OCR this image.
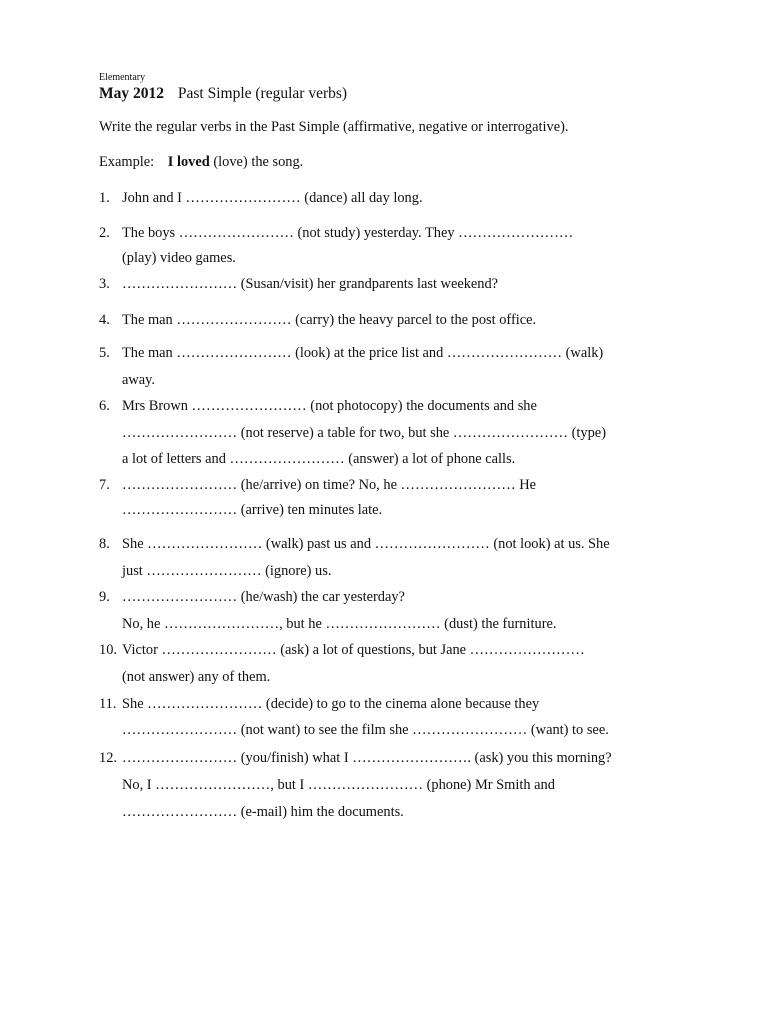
Elementary
May 2012 Past Simple (regular verbs)
Write the regular verbs in the Past Simple (affirmative, negative or interrogative).
Example: I loved (love) the song.
1. John and I …………………… (dance) all day long.
2. The boys …………………… (not study) yesterday. They ……………………
(play) video games.
3. …………………… (Susan/visit) her grandparents last weekend?
4. The man …………………… (carry) the heavy parcel to the post office.
5. The man …………………… (look) at the price list and …………………… (walk)
away.
6. Mrs Brown …………………… (not photocopy) the documents and she
…………………… (not reserve) a table for two, but she …………………… (type)
a lot of letters and …………………… (answer) a lot of phone calls.
7. …………………… (he/arrive) on time? No, he …………………… He
…………………… (arrive) ten minutes late.
8. She …………………… (walk) past us and …………………… (not look) at us. She
just …………………… (ignore) us.
9. …………………… (he/wash) the car yesterday?
No, he ……………………, but he …………………… (dust) the furniture.
10. Victor …………………… (ask) a lot of questions, but Jane ……………………
(not answer) any of them.
11. She …………………… (decide) to go to the cinema alone because they
…………………… (not want) to see the film she …………………… (want) to see.
12. …………………… (you/finish) what I ……………………. (ask) you this morning?
No, I ……………………, but I …………………… (phone) Mr Smith and
…………………… (e-mail) him the documents.
